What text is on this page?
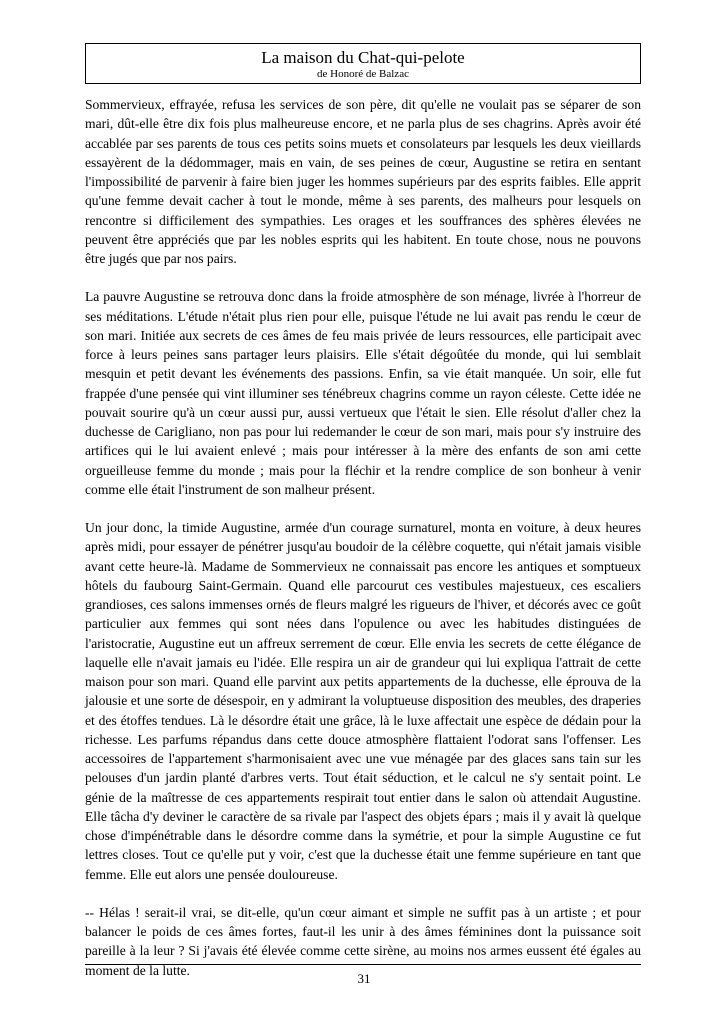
La maison du Chat-qui-pelote
de Honoré de Balzac

Sommervieux, effrayée, refusa les services de son père, dit qu'elle ne voulait pas se séparer de son mari, dût-elle être dix fois plus malheureuse encore, et ne parla plus de ses chagrins. Après avoir été accablée par ses parents de tous ces petits soins muets et consolateurs par lesquels les deux vieillards essayèrent de la dédommager, mais en vain, de ses peines de cœur, Augustine se retira en sentant l'impossibilité de parvenir à faire bien juger les hommes supérieurs par des esprits faibles. Elle apprit qu'une femme devait cacher à tout le monde, même à ses parents, des malheurs pour lesquels on rencontre si difficilement des sympathies. Les orages et les souffrances des sphères élevées ne peuvent être appréciés que par les nobles esprits qui les habitent. En toute chose, nous ne pouvons être jugés que par nos pairs.

La pauvre Augustine se retrouva donc dans la froide atmosphère de son ménage, livrée à l'horreur de ses méditations. L'étude n'était plus rien pour elle, puisque l'étude ne lui avait pas rendu le cœur de son mari. Initiée aux secrets de ces âmes de feu mais privée de leurs ressources, elle participait avec force à leurs peines sans partager leurs plaisirs. Elle s'était dégoûtée du monde, qui lui semblait mesquin et petit devant les événements des passions. Enfin, sa vie était manquée. Un soir, elle fut frappée d'une pensée qui vint illuminer ses ténébreux chagrins comme un rayon céleste. Cette idée ne pouvait sourire qu'à un cœur aussi pur, aussi vertueux que l'était le sien. Elle résolut d'aller chez la duchesse de Carigliano, non pas pour lui redemander le cœur de son mari, mais pour s'y instruire des artifices qui le lui avaient enlevé ; mais pour intéresser à la mère des enfants de son ami cette orgueilleuse femme du monde ; mais pour la fléchir et la rendre complice de son bonheur à venir comme elle était l'instrument de son malheur présent.

Un jour donc, la timide Augustine, armée d'un courage surnaturel, monta en voiture, à deux heures après midi, pour essayer de pénétrer jusqu'au boudoir de la célèbre coquette, qui n'était jamais visible avant cette heure-là. Madame de Sommervieux ne connaissait pas encore les antiques et somptueux hôtels du faubourg Saint-Germain. Quand elle parcourut ces vestibules majestueux, ces escaliers grandioses, ces salons immenses ornés de fleurs malgré les rigueurs de l'hiver, et décorés avec ce goût particulier aux femmes qui sont nées dans l'opulence ou avec les habitudes distinguées de l'aristocratie, Augustine eut un affreux serrement de cœur. Elle envia les secrets de cette élégance de laquelle elle n'avait jamais eu l'idée. Elle respira un air de grandeur qui lui expliqua l'attrait de cette maison pour son mari. Quand elle parvint aux petits appartements de la duchesse, elle éprouva de la jalousie et une sorte de désespoir, en y admirant la voluptueuse disposition des meubles, des draperies et des étoffes tendues. Là le désordre était une grâce, là le luxe affectait une espèce de dédain pour la richesse. Les parfums répandus dans cette douce atmosphère flattaient l'odorat sans l'offenser. Les accessoires de l'appartement s'harmonisaient avec une vue ménagée par des glaces sans tain sur les pelouses d'un jardin planté d'arbres verts. Tout était séduction, et le calcul ne s'y sentait point. Le génie de la maîtresse de ces appartements respirait tout entier dans le salon où attendait Augustine. Elle tâcha d'y deviner le caractère de sa rivale par l'aspect des objets épars ; mais il y avait là quelque chose d'impénétrable dans le désordre comme dans la symétrie, et pour la simple Augustine ce fut lettres closes. Tout ce qu'elle put y voir, c'est que la duchesse était une femme supérieure en tant que femme. Elle eut alors une pensée douloureuse.

-- Hélas ! serait-il vrai, se dit-elle, qu'un cœur aimant et simple ne suffit pas à un artiste ; et pour balancer le poids de ces âmes fortes, faut-il les unir à des âmes féminines dont la puissance soit pareille à la leur ? Si j'avais été élevée comme cette sirène, au moins nos armes eussent été égales au moment de la lutte.

31
